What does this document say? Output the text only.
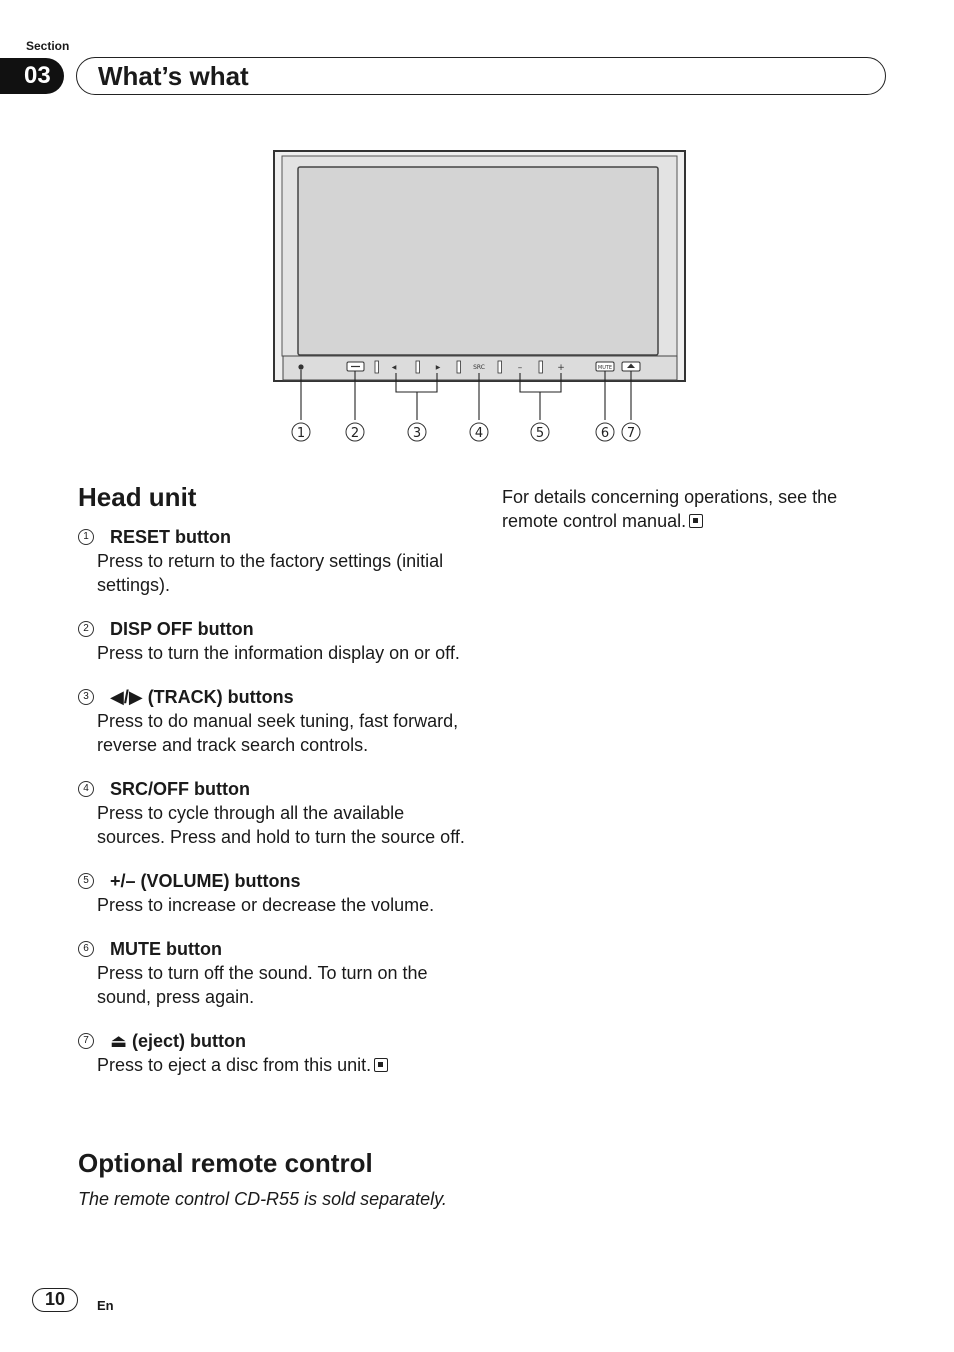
Section
03	What’s what
◀	▶	SRC	–	+	MUTE
1	2	3	4	5	6 7
Head unit
1 RESET button
Press to return to the factory settings (initial settings).
2 DISP OFF button
Press to turn the information display on or off.
3 ◀/▶ (TRACK) buttons
Press to do manual seek tuning, fast forward, reverse and track search controls.
4 SRC/OFF button
Press to cycle through all the available sources. Press and hold to turn the source off.
5 +/– (VOLUME) buttons
Press to increase or decrease the volume.
6 MUTE button
Press to turn off the sound. To turn on the sound, press again.
7 ⏏ (eject) button
Press to eject a disc from this unit.
For details concerning operations, see the remote control manual.
Optional remote control
The remote control CD-R55 is sold separately.
10	En
